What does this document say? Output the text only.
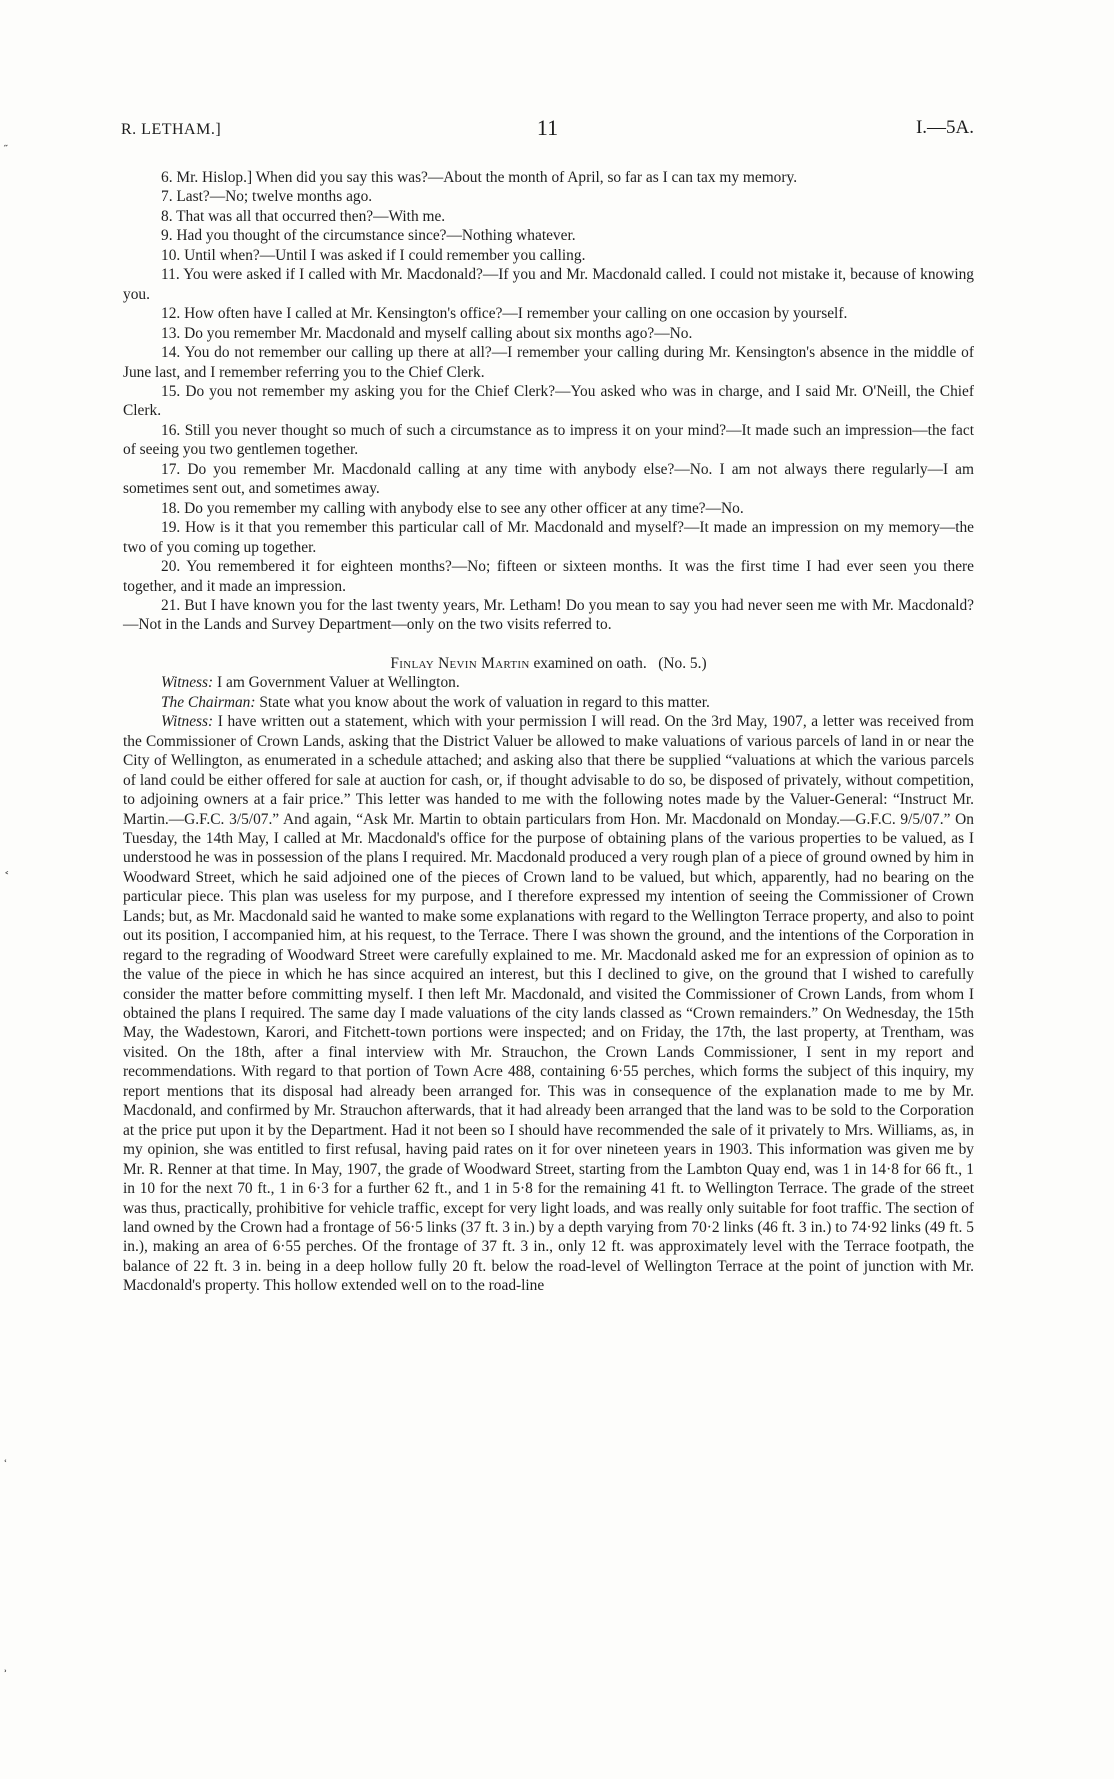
˶
˂
˓
˒
R. LETHAM.]	11	I.—5A.

6. Mr. Hislop.] When did you say this was?—About the month of April, so far as I can tax my memory.

7. Last?—No; twelve months ago.

8. That was all that occurred then?—With me.

9. Had you thought of the circumstance since?—Nothing whatever.

10. Until when?—Until I was asked if I could remember you calling.

11. You were asked if I called with Mr. Macdonald?—If you and Mr. Macdonald called. I could not mistake it, because of knowing you.

12. How often have I called at Mr. Kensington's office?—I remember your calling on one occasion by yourself.

13. Do you remember Mr. Macdonald and myself calling about six months ago?—No.

14. You do not remember our calling up there at all?—I remember your calling during Mr. Kensington's absence in the middle of June last, and I remember referring you to the Chief Clerk.

15. Do you not remember my asking you for the Chief Clerk?—You asked who was in charge, and I said Mr. O'Neill, the Chief Clerk.

16. Still you never thought so much of such a circumstance as to impress it on your mind?—It made such an impression—the fact of seeing you two gentlemen together.

17. Do you remember Mr. Macdonald calling at any time with anybody else?—No. I am not always there regularly—I am sometimes sent out, and sometimes away.

18. Do you remember my calling with anybody else to see any other officer at any time?—No.

19. How is it that you remember this particular call of Mr. Macdonald and myself?—It made an impression on my memory—the two of you coming up together.

20. You remembered it for eighteen months?—No; fifteen or sixteen months. It was the first time I had ever seen you there together, and it made an impression.

21. But I have known you for the last twenty years, Mr. Letham! Do you mean to say you had never seen me with Mr. Macdonald?—Not in the Lands and Survey Department—only on the two visits referred to.

Finlay Nevin Martin examined on oath. (No. 5.)

Witness: I am Government Valuer at Wellington.

The Chairman: State what you know about the work of valuation in regard to this matter.

Witness: I have written out a statement, which with your permission I will read. On the 3rd May, 1907, a letter was received from the Commissioner of Crown Lands, asking that the District Valuer be allowed to make valuations of various parcels of land in or near the City of Wellington, as enumerated in a schedule attached; and asking also that there be supplied “valuations at which the various parcels of land could be either offered for sale at auction for cash, or, if thought advisable to do so, be disposed of privately, without competition, to adjoining owners at a fair price.” This letter was handed to me with the following notes made by the Valuer-General: “Instruct Mr. Martin.—G.F.C. 3/5/07.” And again, “Ask Mr. Martin to obtain particulars from Hon. Mr. Macdonald on Monday.—G.F.C. 9/5/07.” On Tuesday, the 14th May, I called at Mr. Macdonald's office for the purpose of obtaining plans of the various properties to be valued, as I understood he was in possession of the plans I required. Mr. Macdonald produced a very rough plan of a piece of ground owned by him in Woodward Street, which he said adjoined one of the pieces of Crown land to be valued, but which, apparently, had no bearing on the particular piece. This plan was useless for my purpose, and I therefore expressed my intention of seeing the Commissioner of Crown Lands; but, as Mr. Macdonald said he wanted to make some explanations with regard to the Wellington Terrace property, and also to point out its position, I accompanied him, at his request, to the Terrace. There I was shown the ground, and the intentions of the Corporation in regard to the regrading of Woodward Street were carefully explained to me. Mr. Macdonald asked me for an expression of opinion as to the value of the piece in which he has since acquired an interest, but this I declined to give, on the ground that I wished to carefully consider the matter before committing myself. I then left Mr. Macdonald, and visited the Commissioner of Crown Lands, from whom I obtained the plans I required. The same day I made valuations of the city lands classed as “Crown remainders.” On Wednesday, the 15th May, the Wadestown, Karori, and Fitchett-town portions were inspected; and on Friday, the 17th, the last property, at Trentham, was visited. On the 18th, after a final interview with Mr. Strauchon, the Crown Lands Commissioner, I sent in my report and recommendations. With regard to that portion of Town Acre 488, containing 6·55 perches, which forms the subject of this inquiry, my report mentions that its disposal had already been arranged for. This was in consequence of the explanation made to me by Mr. Macdonald, and confirmed by Mr. Strauchon afterwards, that it had already been arranged that the land was to be sold to the Corporation at the price put upon it by the Department. Had it not been so I should have recommended the sale of it privately to Mrs. Williams, as, in my opinion, she was entitled to first refusal, having paid rates on it for over nineteen years in 1903. This information was given me by Mr. R. Renner at that time. In May, 1907, the grade of Woodward Street, starting from the Lambton Quay end, was 1 in 14·8 for 66 ft., 1 in 10 for the next 70 ft., 1 in 6·3 for a further 62 ft., and 1 in 5·8 for the remaining 41 ft. to Wellington Terrace. The grade of the street was thus, practically, prohibitive for vehicle traffic, except for very light loads, and was really only suitable for foot traffic. The section of land owned by the Crown had a frontage of 56·5 links (37 ft. 3 in.) by a depth varying from 70·2 links (46 ft. 3 in.) to 74·92 links (49 ft. 5 in.), making an area of 6·55 perches. Of the frontage of 37 ft. 3 in., only 12 ft. was approximately level with the Terrace footpath, the balance of 22 ft. 3 in. being in a deep hollow fully 20 ft. below the road-level of Wellington Terrace at the point of junction with Mr. Macdonald's property. This hollow extended well on to the road-line
